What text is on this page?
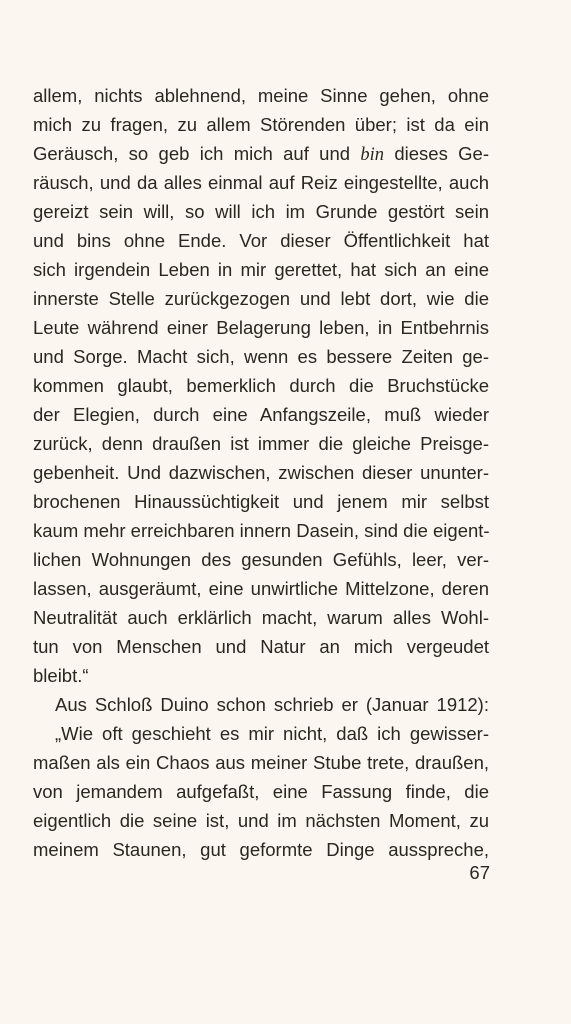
allem, nichts ablehnend, meine Sinne gehen, ohne
mich zu fragen, zu allem Störenden über; ist da ein
Geräusch, so geb ich mich auf und bin dieses Ge-
räusch, und da alles einmal auf Reiz eingestellte, auch
gereizt sein will, so will ich im Grunde gestört sein
und bins ohne Ende. Vor dieser Öffentlichkeit hat
sich irgendein Leben in mir gerettet, hat sich an eine
innerste Stelle zurückgezogen und lebt dort, wie die
Leute während einer Belagerung leben, in Entbehrnis
und Sorge. Macht sich, wenn es bessere Zeiten ge-
kommen glaubt, bemerklich durch die Bruchstücke
der Elegien, durch eine Anfangszeile, muß wieder
zurück, denn draußen ist immer die gleiche Preisge-
gebenheit. Und dazwischen, zwischen dieser ununter-
brochenen Hinaussüchtigkeit und jenem mir selbst
kaum mehr erreichbaren innern Dasein, sind die eigent-
lichen Wohnungen des gesunden Gefühls, leer, ver-
lassen, ausgeräumt, eine unwirtliche Mittelzone, deren
Neutralität auch erklärlich macht, warum alles Wohl-
tun von Menschen und Natur an mich vergeudet
bleibt.“
Aus Schloß Duino schon schrieb er (Januar 1912):
„Wie oft geschieht es mir nicht, daß ich gewisser-
maßen als ein Chaos aus meiner Stube trete, draußen,
von jemandem aufgefaßt, eine Fassung finde, die
eigentlich die seine ist, und im nächsten Moment, zu
meinem Staunen, gut geformte Dinge ausspreche,
67
